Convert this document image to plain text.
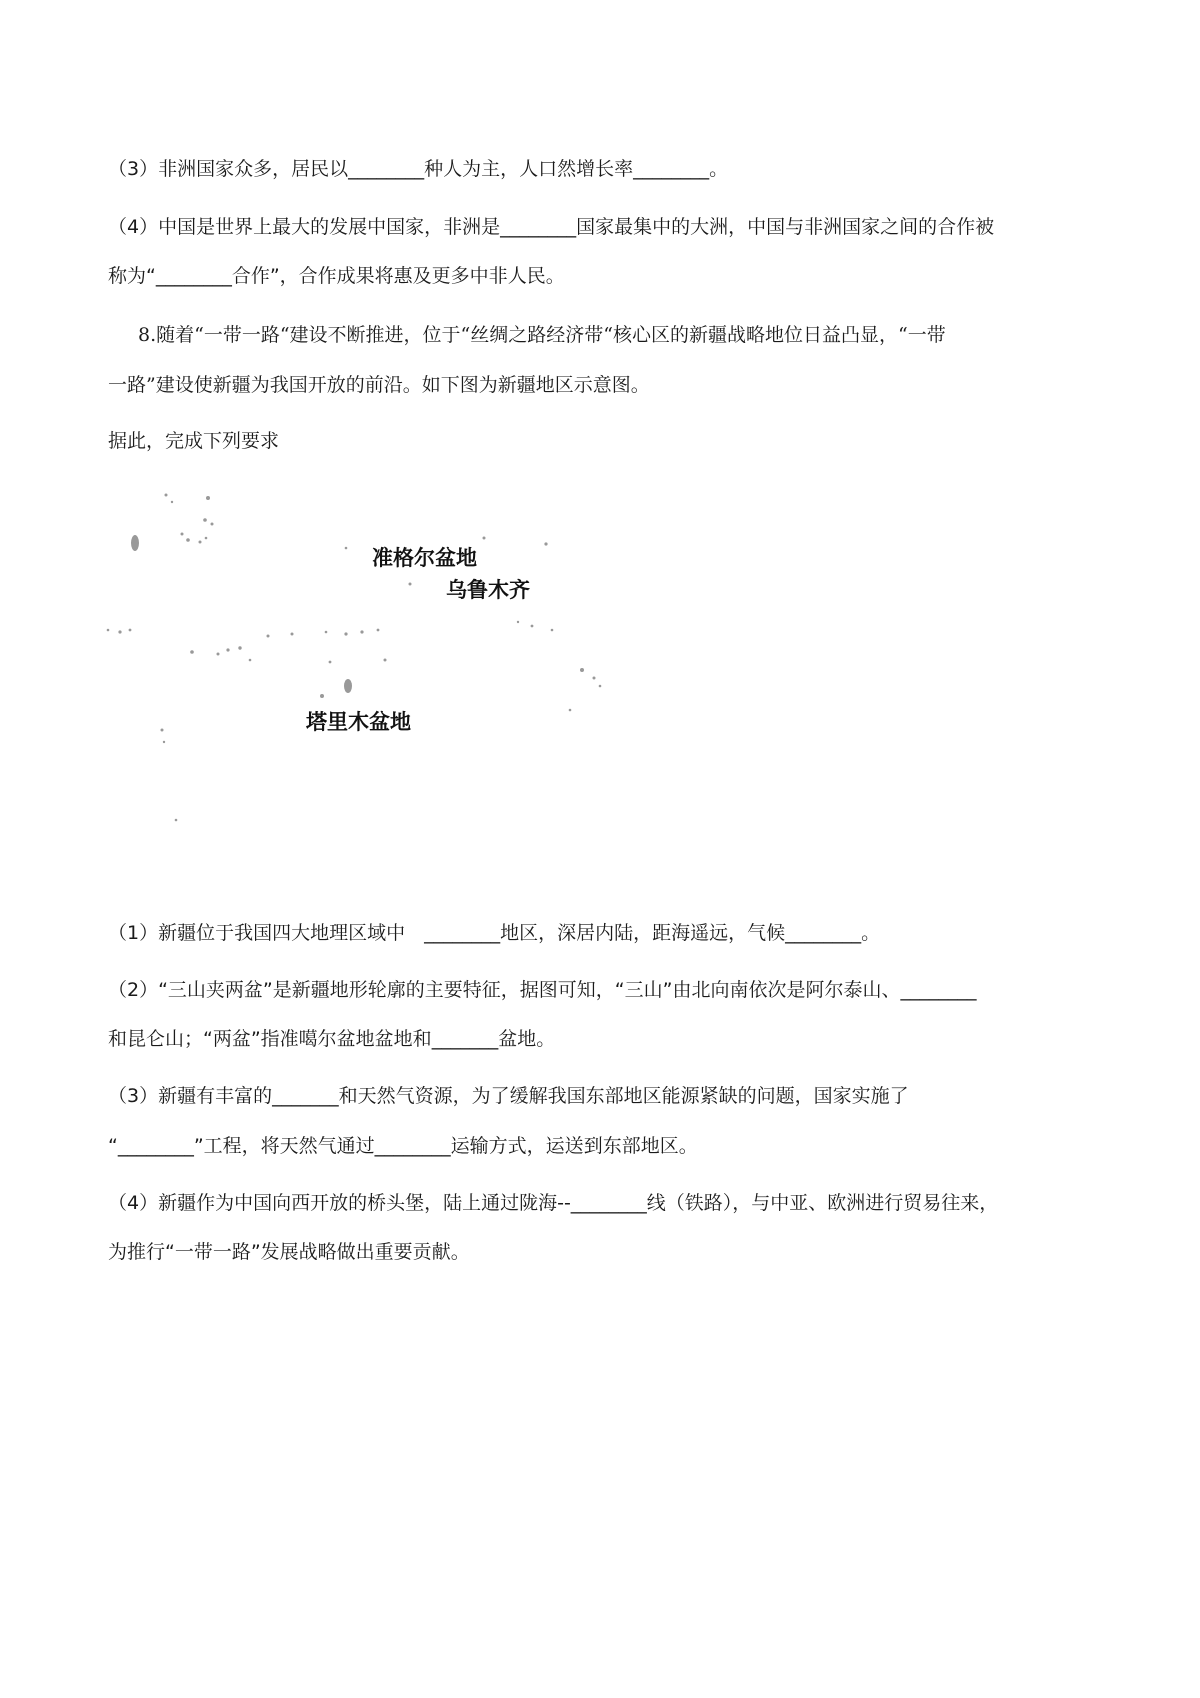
（3）非洲国家众多，居民以________种人为主，人口然增长率________。
（4）中国是世界上最大的发展中国家，非洲是________国家最集中的大洲，中国与非洲国家之间的合作被
称为“________合作”，合作成果将惠及更多中非人民。
8.随着“一带一路“建设不断推进，位于“丝绸之路经济带“核心区的新疆战略地位日益凸显，“一带
一路”建设使新疆为我国开放的前沿。如下图为新疆地区示意图。
据此，完成下列要求
准格尔盆地
乌鲁木齐
塔里木盆地
（1）新疆位于我国四大地理区域中　________地区，深居内陆，距海遥远，气候________。
（2）“三山夹两盆”是新疆地形轮廓的主要特征，据图可知，“三山”由北向南依次是阿尔泰山、________
和昆仑山；“两盆”指准噶尔盆地盆地和_______盆地。
（3）新疆有丰富的_______和天然气资源，为了缓解我国东部地区能源紧缺的问题，国家实施了
“________”工程，将天然气通过________运输方式，运送到东部地区。
（4）新疆作为中国向西开放的桥头堡，陆上通过陇海--________线（铁路），与中亚、欧洲进行贸易往来，
为推行“一带一路”发展战略做出重要贡献。
